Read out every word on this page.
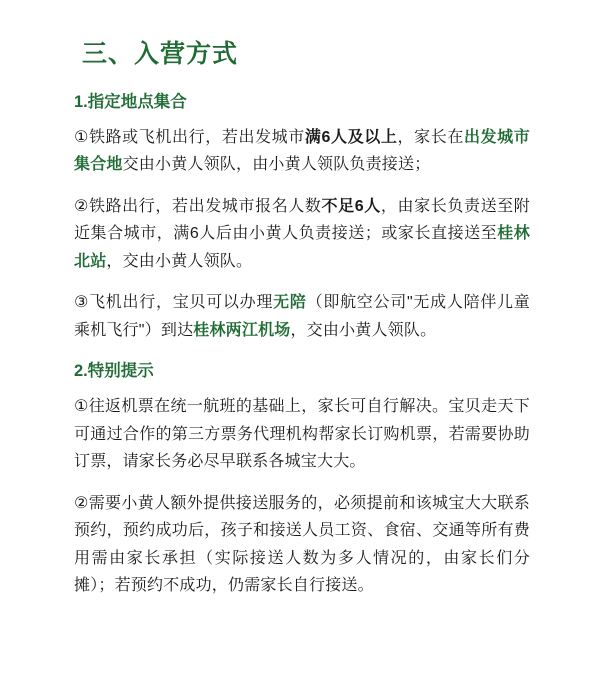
三、入营方式
1.指定地点集合

①铁路或飞机出行，若出发城市满6人及以上，家长在出发城市集合地交由小黄人领队，由小黄人领队负责接送；

②铁路出行，若出发城市报名人数不足6人，由家长负责送至附近集合城市，满6人后由小黄人负责接送；或家长直接送至桂林北站，交由小黄人领队。

③飞机出行，宝贝可以办理无陪（即航空公司"无成人陪伴儿童乘机飞行"）到达桂林两江机场，交由小黄人领队。

2.特别提示

①往返机票在统一航班的基础上，家长可自行解决。宝贝走天下可通过合作的第三方票务代理机构帮家长订购机票，若需要协助订票，请家长务必尽早联系各城宝大大。

②需要小黄人额外提供接送服务的，必须提前和该城宝大大联系预约，预约成功后，孩子和接送人员工资、食宿、交通等所有费用需由家长承担（实际接送人数为多人情况的，由家长们分摊）；若预约不成功，仍需家长自行接送。
